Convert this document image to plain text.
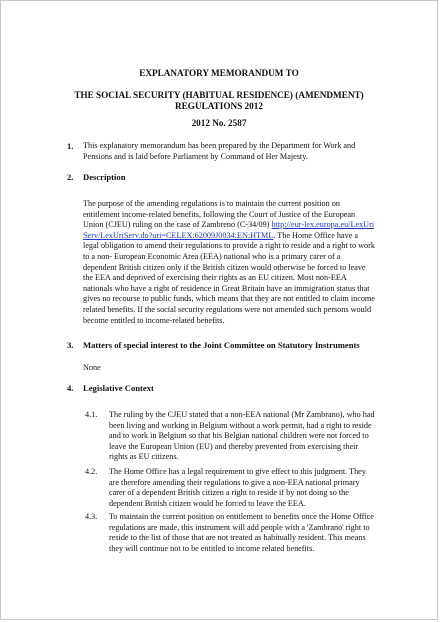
EXPLANATORY MEMORANDUM TO
THE SOCIAL SECURITY (HABITUAL RESIDENCE) (AMENDMENT) REGULATIONS 2012
2012 No. 2587
1. This explanatory memorandum has been prepared by the Department for Work and Pensions and is laid before Parliament by Command of Her Majesty.
2. Description
The purpose of the amending regulations is to maintain the current position on entitlement income-related benefits, following the Court of Justice of the European Union (CJEU) ruling on the case of Zambreno (C-34/09) http://eur-lex.europa.eu/LexUriServ/LexUriServ.do?uri=CELEX:62009J0034:EN:HTML. The Home Office have a legal obligation to amend their regulations to provide a right to reside and a right to work to a non- European Economic Area (EEA) national who is a primary carer of a dependent British citizen only if the British citizen would otherwise be forced to leave the EEA and deprived of exercising their rights as an EU citizen. Most non-EEA nationals who have a right of residence in Great Britain have an immigration status that gives no recourse to public funds, which means that they are not entitled to claim income related benefits. If the social security regulations were not amended such persons would become entitled to income-related benefits.
3. Matters of special interest to the Joint Committee on Statutory Instruments
None
4. Legislative Context
4.1. The ruling by the CJEU stated that a non-EEA national (Mr Zambrano), who had been living and working in Belgium without a work permit, had a right to reside and to work in Belgium so that his Belgian national children were not forced to leave the European Union (EU) and thereby prevented from exercising their rights as EU citizens.
4.2. The Home Office has a legal requirement to give effect to this judgment. They are therefore amending their regulations to give a non-EEA national primary carer of a dependent British citizen a right to reside if by not doing so the dependent British citizen would be forced to leave the EEA.
4.3. To maintain the current position on entitlement to benefits once the Home Office regulations are made, this instrument will add people with a 'Zambrano' right to reside to the list of those that are not treated as habitually resident. This means they will continue not to be entitled to income related benefits.
